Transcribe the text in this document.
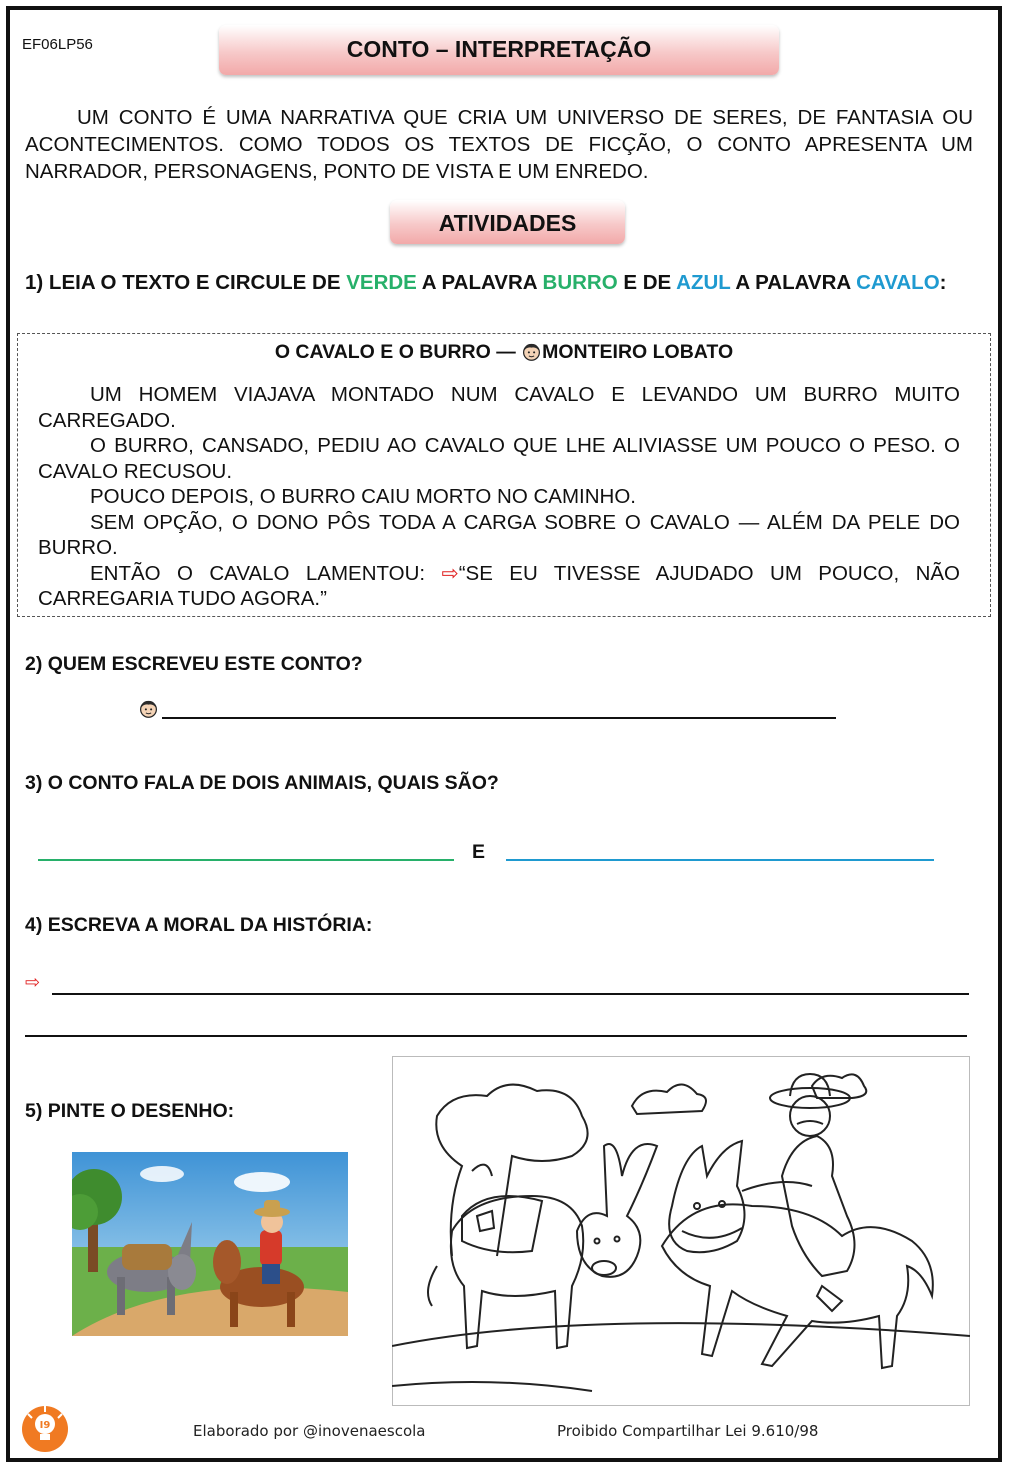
EF06LP56	CONTO – INTERPRETAÇÃO

UM CONTO É UMA NARRATIVA QUE CRIA UM UNIVERSO DE SERES, DE FANTASIA OU ACONTECIMENTOS. COMO TODOS OS TEXTOS DE FICÇÃO, O CONTO APRESENTA UM NARRADOR, PERSONAGENS, PONTO DE VISTA E UM ENREDO.

ATIVIDADES

1) LEIA O TEXTO E CIRCULE DE VERDE A PALAVRA BURRO E DE AZUL A PALAVRA CAVALO:

O CAVALO E O BURRO — MONTEIRO LOBATO

UM HOMEM VIAJAVA MONTADO NUM CAVALO E LEVANDO UM BURRO MUITO CARREGADO.

O BURRO, CANSADO, PEDIU AO CAVALO QUE LHE ALIVIASSE UM POUCO O PESO. O CAVALO RECUSOU.

POUCO DEPOIS, O BURRO CAIU MORTO NO CAMINHO.

SEM OPÇÃO, O DONO PÔS TODA A CARGA SOBRE O CAVALO — ALÉM DA PELE DO BURRO.

ENTÃO O CAVALO LAMENTOU: ⇨“SE EU TIVESSE AJUDADO UM POUCO, NÃO CARREGARIA TUDO AGORA.”

2) QUEM ESCREVEU ESTE CONTO?
3) O CONTO FALA DE DOIS ANIMAIS, QUAIS SÃO?
E
4) ESCREVA A MORAL DA HISTÓRIA:
⇨
5) PINTE O DESENHO:
I9	Elaborado por @inovenaescola	Proibido Compartilhar Lei 9.610/98
